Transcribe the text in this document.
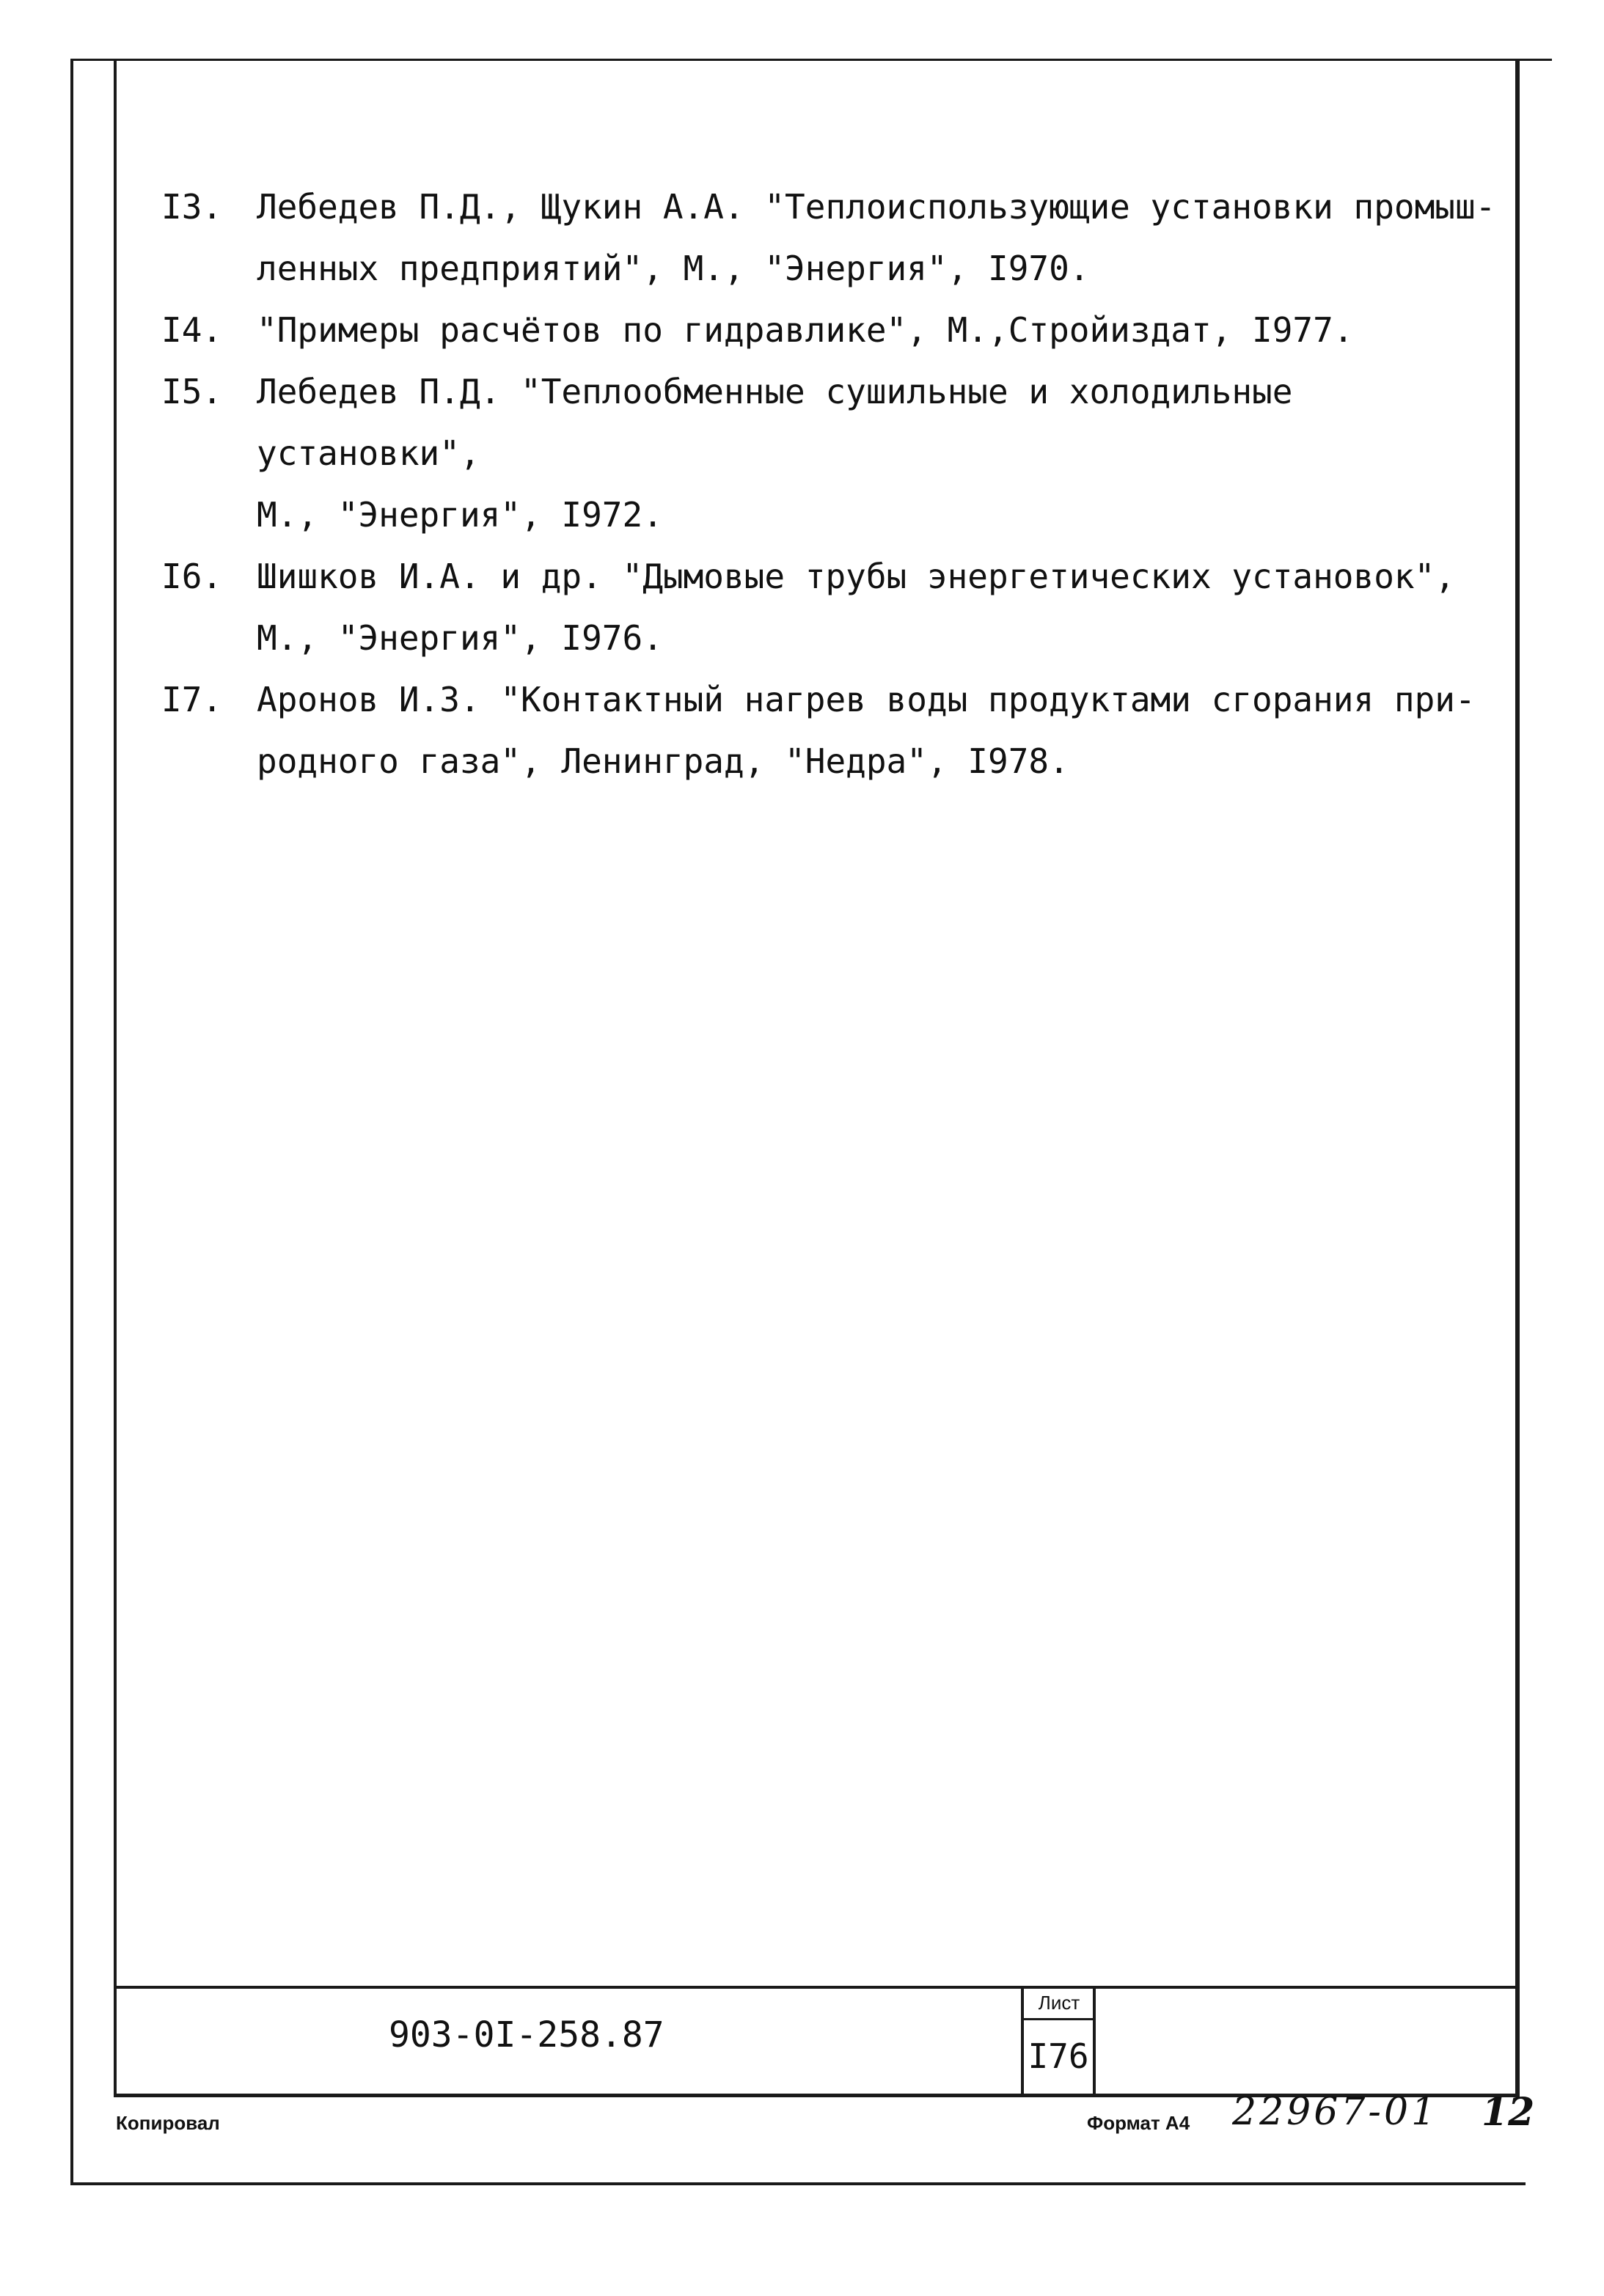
I3. Лебедев П.Д., Щукин А.А. "Теплоиспользующие установки промыш-
ленных предприятий", М., "Энергия", I970.
I4. "Примеры расчётов по гидравлике", М.,Стройиздат, I977.
I5. Лебедев П.Д. "Теплообменные сушильные и холодильные установки",
М., "Энергия", I972.
I6. Шишков И.А. и др. "Дымовые трубы энергетических установок",
М., "Энергия", I976.
I7. Аронов И.З. "Контактный нагрев воды продуктами сгорания при-
родного газа", Ленинград, "Недра", I978.
903-0I-258.87
Лист
I76
Копировал	Формат А4 22967-01 12
